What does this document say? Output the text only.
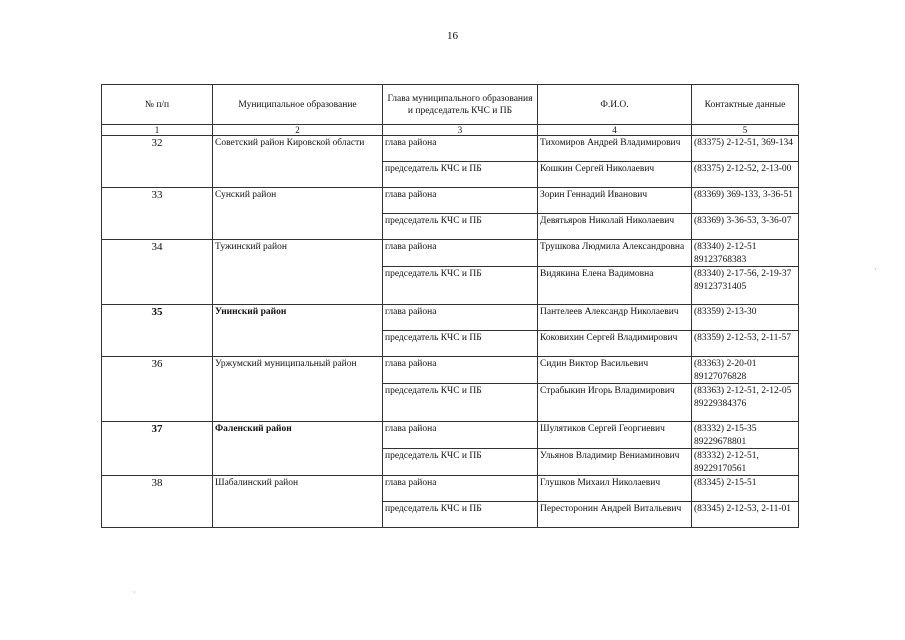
16
№ п/п	Муниципальное образование	Глава муниципального образования и председатель КЧС и ПБ	Ф.И.О.	Контактные данные
1	2	3	4	5
32	Советский район Кировской области	глава района	Тихомиров Андрей Владимирович	(83375) 2-12-51, 369-134
		председатель КЧС и ПБ	Кошкин Сергей Николаевич	(83375) 2-12-52, 2-13-00
33	Сунский район	глава района	Зорин Геннадий Иванович	(83369) 369-133, 3-36-51
		председатель КЧС и ПБ	Девятьяров Николай Николаевич	(83369) 3-36-53, 3-36-07
34	Тужинский район	глава района	Трушкова Людмила Александровна	(83340) 2-12-51 89123768383
		председатель КЧС и ПБ	Видякина Елена Вадимовна	(83340) 2-17-56, 2-19-37 89123731405
35	Унинский район	глава района	Пантелеев Александр Николаевич	(83359) 2-13-30
		председатель КЧС и ПБ	Коковихин Сергей Владимирович	(83359) 2-12-53, 2-11-57
36	Уржумский муниципальный район	глава района	Сидин Виктор Васильевич	(83363) 2-20-01 89127076828
		председатель КЧС и ПБ	Страбыкин Игорь Владимирович	(83363) 2-12-51, 2-12-05 89229384376
37	Фаленский район	глава района	Шулятиков Сергей Георгиевич	(83332) 2-15-35 89229678801
		председатель КЧС и ПБ	Ульянов Владимир Вениаминович	(83332) 2-12-51, 89229170561
38	Шабалинский район	глава района	Глушков Михаил Николаевич	(83345) 2-15-51
		председатель КЧС и ПБ	Пересторонин Андрей Витальевич	(83345) 2-12-53, 2-11-01
·
·
